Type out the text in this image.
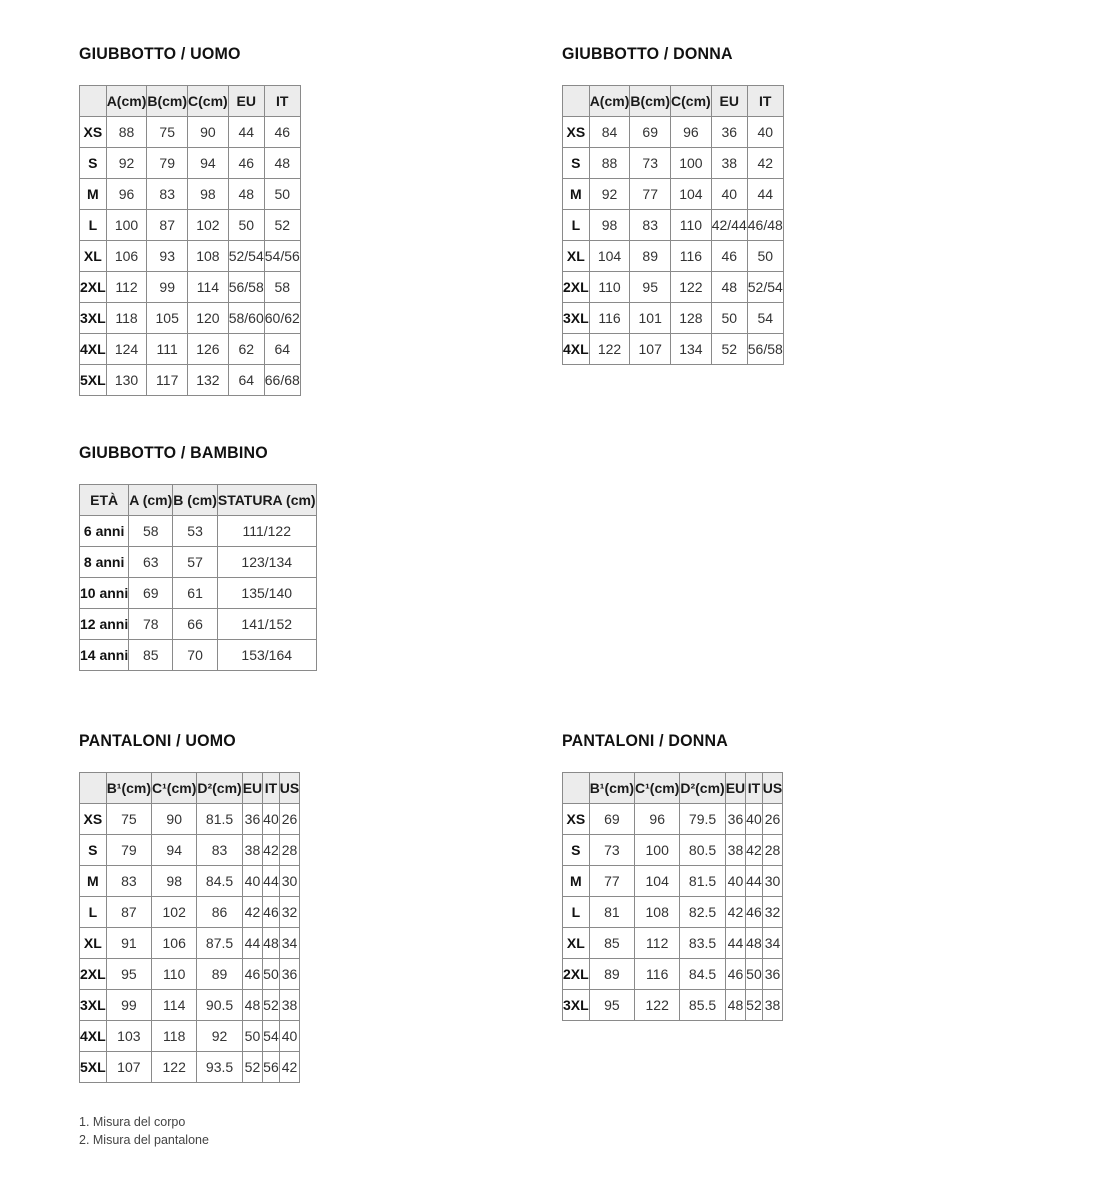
GIUBBOTTO / UOMO
	A(cm)	B(cm)	C(cm)	EU	IT
XS	88	75	90	44	46
S	92	79	94	46	48
M	96	83	98	48	50
L	100	87	102	50	52
XL	106	93	108	52/54	54/56
2XL	112	99	114	56/58	58
3XL	118	105	120	58/60	60/62
4XL	124	111	126	62	64
5XL	130	117	132	64	66/68
GIUBBOTTO / DONNA
	A(cm)	B(cm)	C(cm)	EU	IT
XS	84	69	96	36	40
S	88	73	100	38	42
M	92	77	104	40	44
L	98	83	110	42/44	46/48
XL	104	89	116	46	50
2XL	110	95	122	48	52/54
3XL	116	101	128	50	54
4XL	122	107	134	52	56/58
GIUBBOTTO / BAMBINO
ETÀ	A (cm)	B (cm)	STATURA (cm)
6 anni	58	53	111/122
8 anni	63	57	123/134
10 anni	69	61	135/140
12 anni	78	66	141/152
14 anni	85	70	153/164
PANTALONI / UOMO
	B¹(cm)	C¹(cm)	D²(cm)	EU	IT	US
XS	75	90	81.5	36	40	26
S	79	94	83	38	42	28
M	83	98	84.5	40	44	30
L	87	102	86	42	46	32
XL	91	106	87.5	44	48	34
2XL	95	110	89	46	50	36
3XL	99	114	90.5	48	52	38
4XL	103	118	92	50	54	40
5XL	107	122	93.5	52	56	42
PANTALONI / DONNA
	B¹(cm)	C¹(cm)	D²(cm)	EU	IT	US
XS	69	96	79.5	36	40	26
S	73	100	80.5	38	42	28
M	77	104	81.5	40	44	30
L	81	108	82.5	42	46	32
XL	85	112	83.5	44	48	34
2XL	89	116	84.5	46	50	36
3XL	95	122	85.5	48	52	38
1. Misura del corpo
2. Misura del pantalone
